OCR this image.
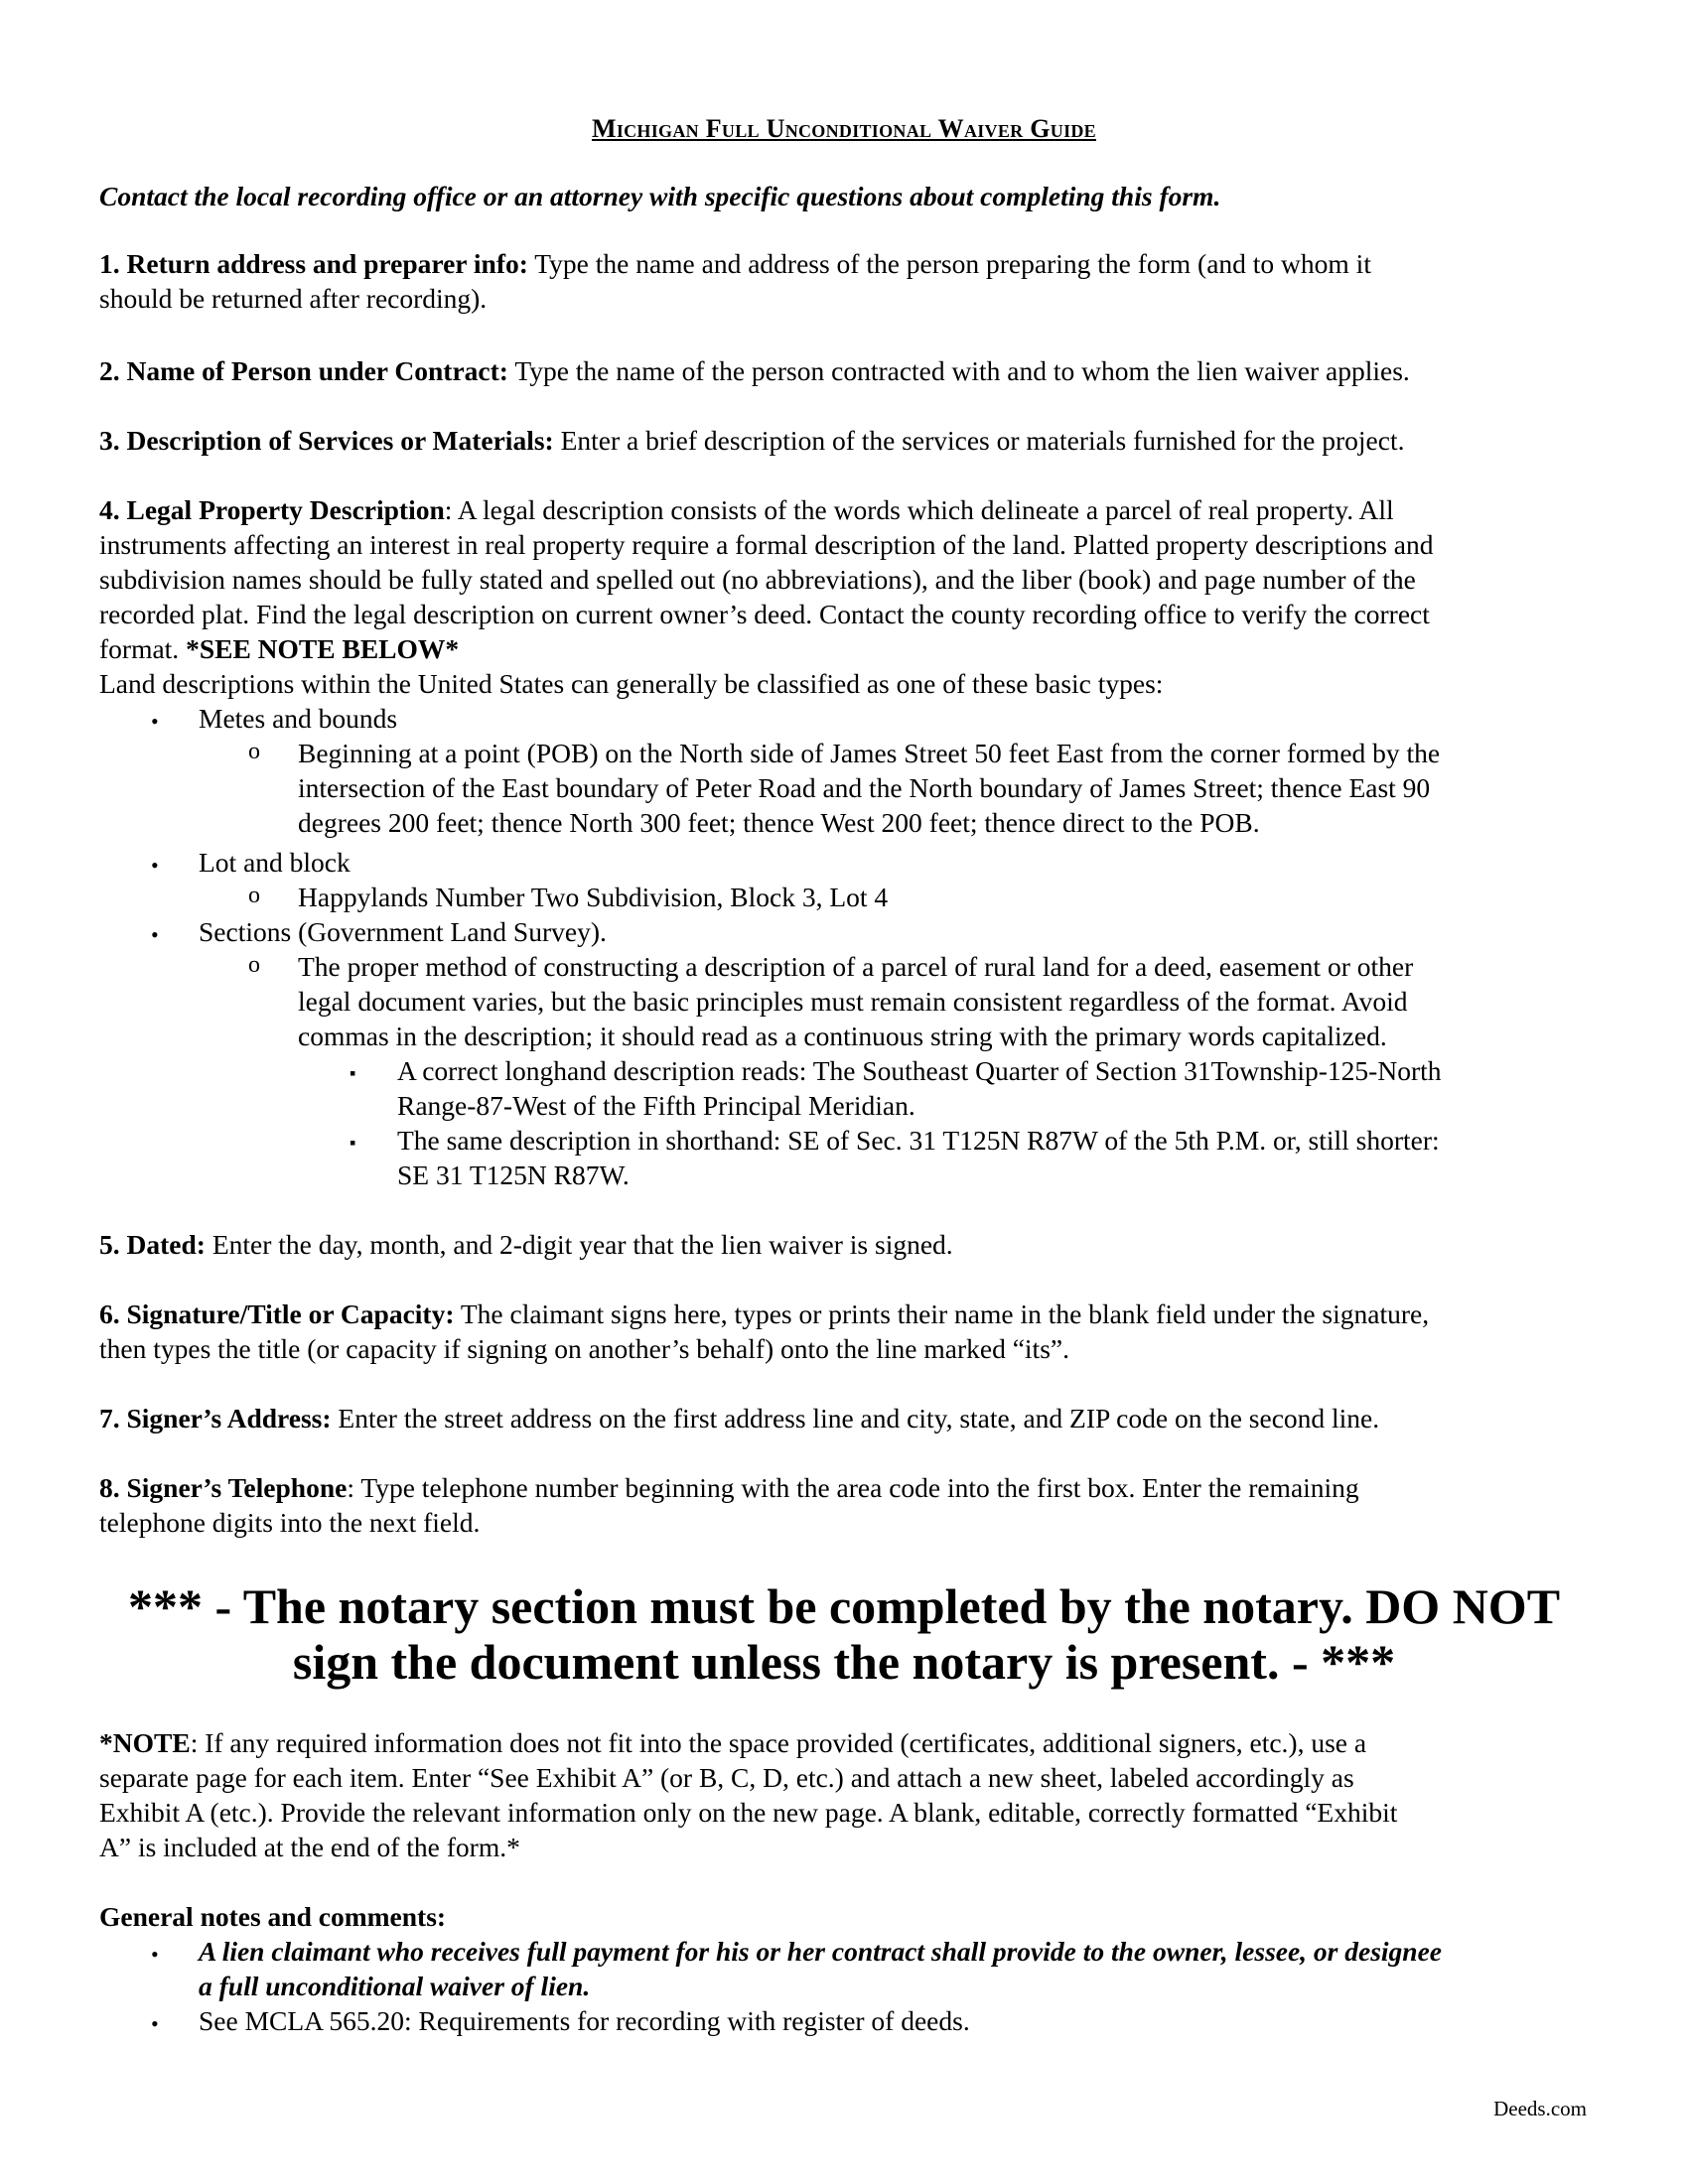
Michigan Full Unconditional Waiver Guide
Contact the local recording office or an attorney with specific questions about completing this form.
1. Return address and preparer info: Type the name and address of the person preparing the form (and to whom it
should be returned after recording).
2. Name of Person under Contract: Type the name of the person contracted with and to whom the lien waiver applies.
3. Description of Services or Materials: Enter a brief description of the services or materials furnished for the project.
4. Legal Property Description: A legal description consists of the words which delineate a parcel of real property. All
instruments affecting an interest in real property require a formal description of the land. Platted property descriptions and
subdivision names should be fully stated and spelled out (no abbreviations), and the liber (book) and page number of the
recorded plat. Find the legal description on current owner’s deed. Contact the county recording office to verify the correct
format. *SEE NOTE BELOW*
Land descriptions within the United States can generally be classified as one of these basic types:
• Metes and bounds
o Beginning at a point (POB) on the North side of James Street 50 feet East from the corner formed by the
intersection of the East boundary of Peter Road and the North boundary of James Street; thence East 90
degrees 200 feet; thence North 300 feet; thence West 200 feet; thence direct to the POB.
• Lot and block
o Happylands Number Two Subdivision, Block 3, Lot 4
• Sections (Government Land Survey).
o The proper method of constructing a description of a parcel of rural land for a deed, easement or other
legal document varies, but the basic principles must remain consistent regardless of the format. Avoid
commas in the description; it should read as a continuous string with the primary words capitalized.
▪ A correct longhand description reads: The Southeast Quarter of Section 31Township-125-North
Range-87-West of the Fifth Principal Meridian.
▪ The same description in shorthand: SE of Sec. 31 T125N R87W of the 5th P.M. or, still shorter:
SE 31 T125N R87W.
5. Dated: Enter the day, month, and 2-digit year that the lien waiver is signed.
6. Signature/Title or Capacity: The claimant signs here, types or prints their name in the blank field under the signature,
then types the title (or capacity if signing on another’s behalf) onto the line marked “its”.
7. Signer’s Address: Enter the street address on the first address line and city, state, and ZIP code on the second line.
8. Signer’s Telephone: Type telephone number beginning with the area code into the first box. Enter the remaining
telephone digits into the next field.
*** - The notary section must be completed by the notary. DO NOT
sign the document unless the notary is present. - ***
*NOTE: If any required information does not fit into the space provided (certificates, additional signers, etc.), use a
separate page for each item. Enter “See Exhibit A” (or B, C, D, etc.) and attach a new sheet, labeled accordingly as
Exhibit A (etc.). Provide the relevant information only on the new page. A blank, editable, correctly formatted “Exhibit
A” is included at the end of the form.*
General notes and comments:
• A lien claimant who receives full payment for his or her contract shall provide to the owner, lessee, or designee
a full unconditional waiver of lien.
• See MCLA 565.20: Requirements for recording with register of deeds.
Deeds.com
